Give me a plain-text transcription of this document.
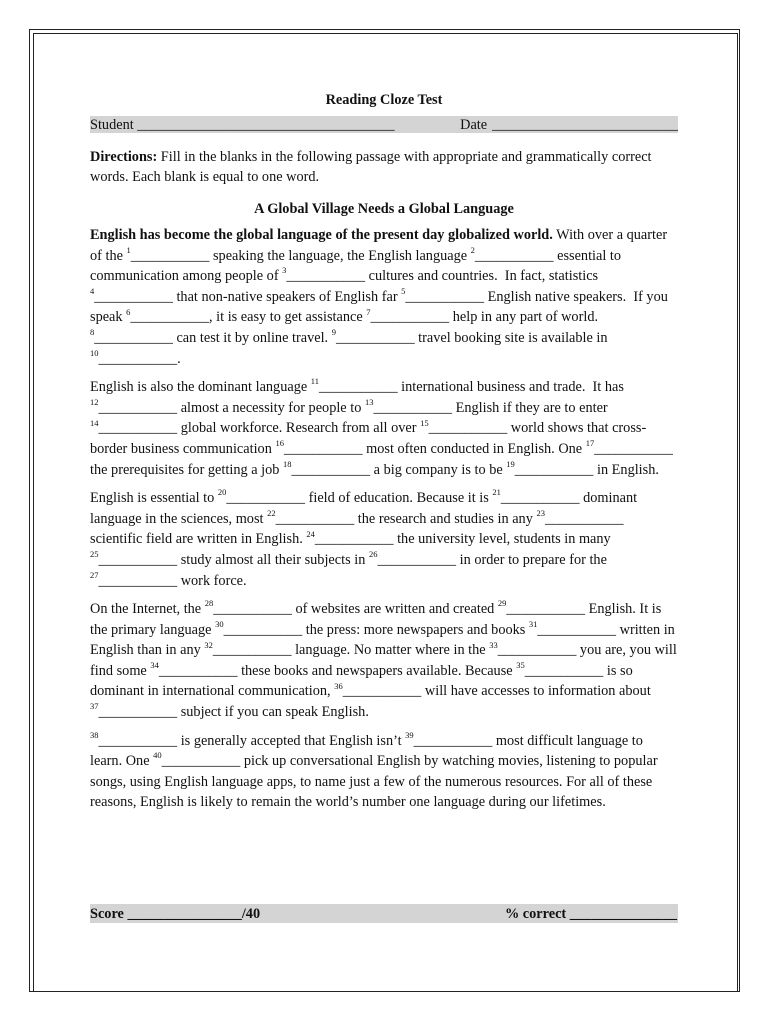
Reading Cloze Test
Student ____________________________________	Date __________________________
Directions: Fill in the blanks in the following passage with appropriate and grammatically correct words. Each blank is equal to one word.
A Global Village Needs a Global Language

English has become the global language of the present day globalized world. With over a quarter of the $^1$___________ speaking the language, the English language $^2$___________ essential to communication among people of $^3$___________ cultures and countries.  In fact, statistics $^4$___________ that non-native speakers of English far $^5$___________ English native speakers.  If you speak $^6$___________, it is easy to get assistance $^7$___________ help in any part of world. $^8$___________ can test it by online travel. $^9$___________ travel booking site is available in $^{10}$___________.

English is also the dominant language $^{11}$___________ international business and trade.  It has $^{12}$___________ almost a necessity for people to $^{13}$___________ English if they are to enter $^{14}$___________ global workforce. Research from all over $^{15}$___________ world shows that cross-border business communication $^{16}$___________ most often conducted in English. One $^{17}$___________ the prerequisites for getting a job $^{18}$___________ a big company is to be $^{19}$___________ in English.

English is essential to $^{20}$___________ field of education. Because it is $^{21}$___________ dominant language in the sciences, most $^{22}$___________ the research and studies in any $^{23}$___________ scientific field are written in English. $^{24}$___________ the university level, students in many $^{25}$___________ study almost all their subjects in $^{26}$___________ in order to prepare for the $^{27}$___________ work force.

On the Internet, the $^{28}$___________ of websites are written and created $^{29}$___________ English. It is the primary language $^{30}$___________ the press: more newspapers and books $^{31}$___________ written in English than in any $^{32}$___________ language. No matter where in the $^{33}$___________ you are, you will find some $^{34}$___________ these books and newspapers available. Because $^{35}$___________ is so dominant in international communication, $^{36}$___________ will have accesses to information about $^{37}$___________ subject if you can speak English.

$^{38}$___________ is generally accepted that English isn’t $^{39}$___________ most difficult language to learn. One $^{40}$___________ pick up conversational English by watching movies, listening to popular songs, using English language apps, to name just a few of the numerous resources. For all of these reasons, English is likely to remain the world’s number one language during our lifetimes.

Score ________________/40	% correct _______________
